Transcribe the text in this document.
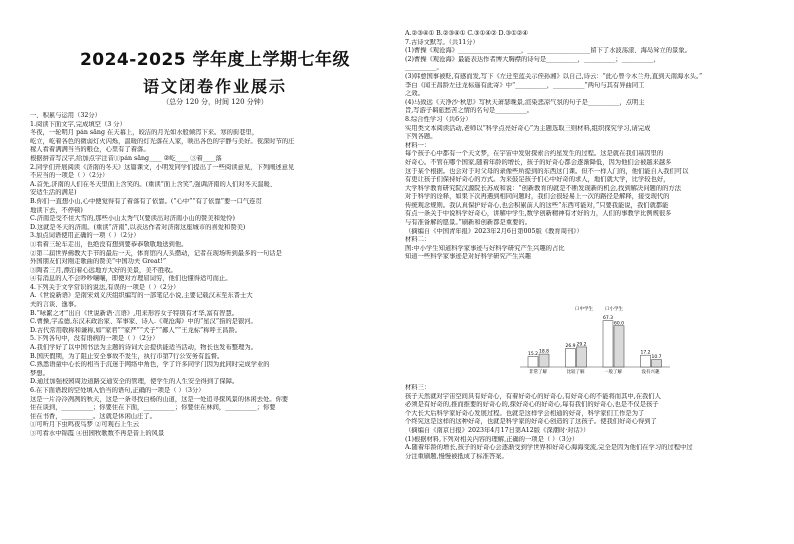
2024-2025 学年度上学期七年级
语文闭卷作业展示
（总分 120 分，时间 120 分钟）
一、积累与运用（32分）
1.阅读下面文字,完成填空（3 分）
冬夜，一轮明月 pán sāng 在天幕上，皎洁的月光如水般倾泻下来。寒的街巷里，
屹立，屹着各色的微弱灯火闪烁，温暖的灯光落在人家，映出各色的宇静与美好。夜深时节的庄
稼人看着满满当当的粮仓，心里有了着落。
根据拼音写汉字,给加点字注音①pán sāng____ ②屹____ ③着____落
2.同学们开展阅读《济南的冬天》这篇课文，小明发同学们提出了一些阅读意见，下列阐述意见
不应当的一项是（ ）（2分）
A.首先,济南的人们在冬天里面上含笑的。(重读“面上含笑”,强调济南的人们对冬天温暖、
安适生活的满足)
B.你们一直想小山,心中便觉得有了着落有了依靠。(“心中”“有了依靠”要一口气连贯
地读下去，不停顿)
C.济南是受不住大雪的,那些小山太秀气!(要读出对济南小山的赞美和爱怜)
D.这就是冬天的济南。(重读“济南”,以表达作者对济南这座城市的喜爱和赞美)
3.加点词语使用正确的一项（ ）（2分）
①看着三轮车走出，也绝没有想到要恭恭敬敬地送到他。
②第二届世界佛教大手节的最后一天，体育馆内人头攒动，记者在现场听到最多的一句话是
外国朋友们对刚走歌曲的赞美“中国功夫 Great!”
③陶者三月,漂泊着心远地方大好的美景，美不胜收。
④有消息的人不会吵吵嚷嚷，即便对方理屈词穷，他们也懂得适可而止。
4.下列关于文学常识的说法,有误的一项是（ ）（2分）
A.《世说新语》是南宋刘义庆组织编写的一部笔记小说,主要记载汉末至东晋士大
夫的言谈、逸事。
B.“咏絮之才”出自《世说新语·言语》,用来形容女子特别有才华,富有智慧。
C.曹操,字孟德,东汉末政治家、军事家、诗人.《观沧海》中的“星汉”指的是银河。
D.古代常用敬称和谦称,如“家君”“家严”“犬子”“鄙人”“王龙标”称呼王昌龄。
5.下列各句中，没有语病的一项是（ ）（2分）
A.我们学好了以中国书法为主题的诗词大会提供能适当活动，物长也发布整理为。
B.国庆假期，为了阻止安全事故不发生，执行市第7行公安务有监督。
C.熟悉语童中心长的相当于沉迷于网络中角色，学了许多同学门因为此同时完成学业的
梦想。
D.通过加强校园周边道路交通安全的管理，使学生的人生安全得到了保障。
6.在下面语段的空处填入恰当的语句,正确的一项是（ ）（3分）
这是一片冷冷冽冽的秋天，这是一条寻找白杨的山道，这是一处追寻探风景的休闲去处。你要
住在谈到，__________；你要住在下面，__________；你要住在林间，__________；你要
住在书香，__________。这就是休闲山庄了。
①可听月下虫鸣夜鸟梦 ②可观石上生云
③可看水中锦霞 ④田园牧歌数不再是昔上的风景
A.②③④① B.②③④① C.③①④② D.③①②④
7.古诗文默写。（共11分）
(1)曹操《观沧海》____________________，____________________留下了水波荡漾、海岛耸立的景象。
(2)曹操《观沧海》最能表达作者博大胸襟的诗句是__________，__________；__________，
__________。
(3)韩愈国事被贬,有感而发,写下《左迁至蓝关示侄孙湘》以自己,诗云：“此心曾今木兰舟,直到天南海水头。”
李白《闻王昌龄左迁龙标遥有此寄》中“__________，__________”两句与其有异曲同工
之效。
(4)马致远《天净沙·秋思》写秋天萧瑟晚景,渲染悲凉气氛的句子是__________，点明主
旨,写游子羁旅愁苦之情的名句是__________。
8.综合性学习（共6分）
实用类文本阅读活动,老师以“科学点亮好奇心”为主题选取三则材料,组织探究学习,请完成
下列各题。
材料一：
每个孩子心中都有一个天文梦，在宇宙中发射探索合约星发生的过程。这是就在我们基因里的
好奇心。不管在哪个国家,随着年龄的增长，孩子的好奇心都会逐渐降低，因为他们会被越来越多
这于某个根据。也会对于对父母的录像些所提到的东西这门课。但不一样人门的，他们能自入我们可以
有更让孩子们保持好奇心的方式。为来鼓足孩子们心中好奇的求人，地们就大学，比学较也好，
大学科学教育研究院汉源院长苏成和说：“创新教育的就是不断发现新的机会,找到解决问题的的方法
对于科学的诠释，如果下次再遇到相同问题时，我们会很轻易上一次的路径是解释，接受现代的
传统观念规则。我认真保护好奇心,也会积累前人的这些“东西可能对，”只要我能说，我们就都能
有点一条关于中说科学好奇心，讲解中学生,数学创新精神有才好的力，人们的事教学比例规很多
与有准备解的愿景。”刷新和创新都是重要的。
（摘编自《中国青年报》2023年2月6日第005版《教育周刊》）
材料二：
图:中小学生知道科学家事迹与好科学研究产生兴趣的占比
知道一些科学家事迹是对好科学研究产生兴趣
材料三：
孩子天然就对宇宙空间具有好奇心，有着好奇心的好奇心,有好奇心的不能将而其中,在我们人
必须是有好奇的,推而推要的好奇心的,探好奇心的好奇心,每有我们的好奇心,也是不仅是孩子
个大长大后科学家好奇心发展过程。也就是这样学会相通的好奇，科学家们工作是为了
个终究这是这样的这种好奇，也就是科学家的好奇心创造的了这孩子。使我们好奇心得到了
（摘编自《南京日报》2023年4月17日第A12版《深潮时·对话》）
(1)根据材料,下列对相关内容的理解,正确的一项是（ ）（3分）
A.随着年龄的增长,孩子的好奇心会逐渐受到学世界和好奇心海海变流,完全是因为他们在学习的过程中过
分注重刷题,慢慢被抵成了标准答案。
15.2 18.8
非常了解
26.9 29.2
比较了解
67.3
60.0
一般了解
17.2
10.7
没有兴趣
口中学生	口小学生
